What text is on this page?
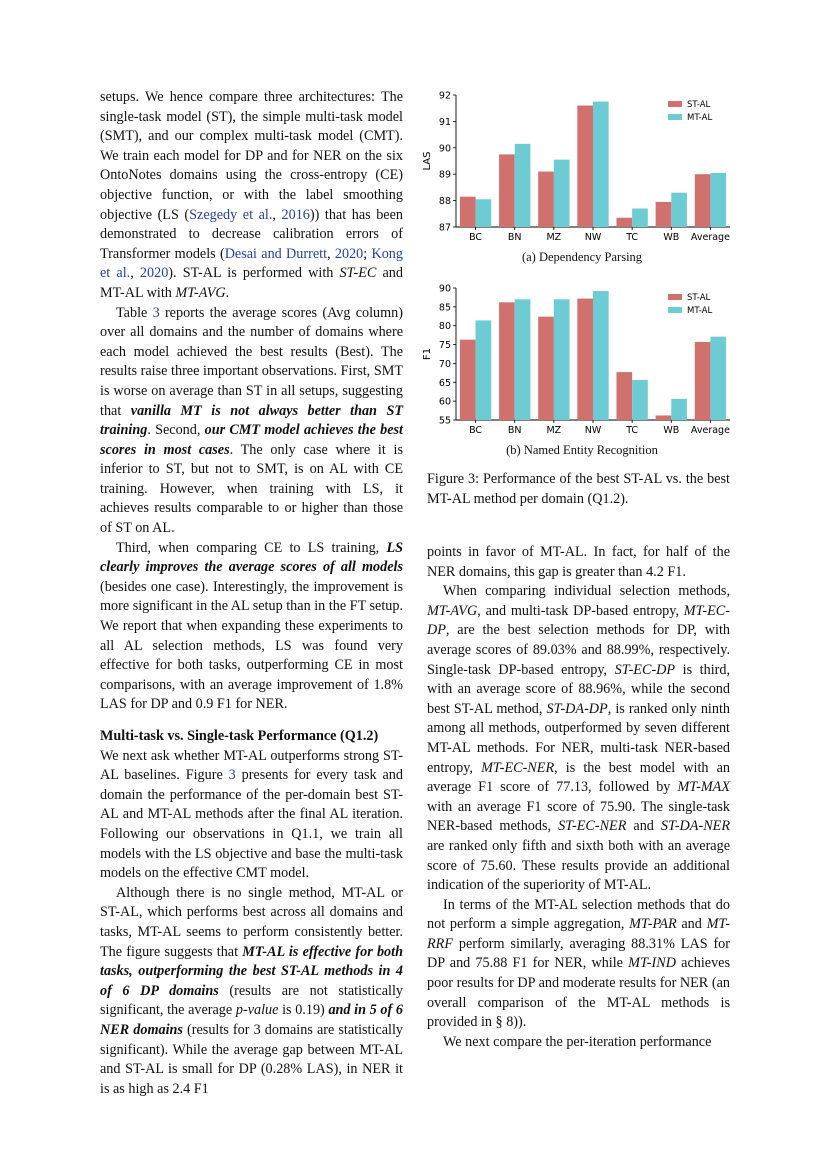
setups. We hence compare three architectures: The single-task model (ST), the simple multi-task model (SMT), and our complex multi-task model (CMT). We train each model for DP and for NER on the six OntoNotes domains using the cross-entropy (CE) objective function, or with the label smoothing objective (LS (Szegedy et al., 2016)) that has been demonstrated to decrease calibration errors of Transformer models (Desai and Durrett, 2020; Kong et al., 2020). ST-AL is performed with ST-EC and MT-AL with MT-AVG.

Table 3 reports the average scores (Avg column) over all domains and the number of domains where each model achieved the best results (Best). The results raise three important observations. First, SMT is worse on average than ST in all setups, suggesting that vanilla MT is not always better than ST training. Second, our CMT model achieves the best scores in most cases. The only case where it is inferior to ST, but not to SMT, is on AL with CE training. However, when training with LS, it achieves results comparable to or higher than those of ST on AL.

Third, when comparing CE to LS training, LS clearly improves the average scores of all models (besides one case). Interestingly, the improvement is more significant in the AL setup than in the FT setup. We report that when expanding these experiments to all AL selection methods, LS was found very effective for both tasks, outperforming CE in most comparisons, with an average improvement of 1.8% LAS for DP and 0.9 F1 for NER.

Multi-task vs. Single-task Performance (Q1.2)

We next ask whether MT-AL outperforms strong ST-AL baselines. Figure 3 presents for every task and domain the performance of the per-domain best ST-AL and MT-AL methods after the final AL iteration. Following our observations in Q1.1, we train all models with the LS objective and base the multi-task models on the effective CMT model.

Although there is no single method, MT-AL or ST-AL, which performs best across all domains and tasks, MT-AL seems to perform consistently better. The figure suggests that MT-AL is effective for both tasks, outperforming the best ST-AL methods in 4 of 6 DP domains (results are not statistically significant, the average p-value is 0.19) and in 5 of 6 NER domains (results for 3 domains are statistically significant). While the average gap between MT-AL and ST-AL is small for DP (0.28% LAS), in NER it is as high as 2.4 F1

87
88
89
90
91
92
LAS
BC	BN	MZ NW	TC	WB Average
ST-AL
MT-AL
(a) Dependency Parsing
55
60
65
70
75
80
85
90
F1
BC	BN	MZ NW	TC	WB Average
ST-AL
MT-AL
(b) Named Entity Recognition
Figure 3: Performance of the best ST-AL vs. the best MT-AL method per domain (Q1.2).

points in favor of MT-AL. In fact, for half of the NER domains, this gap is greater than 4.2 F1.

When comparing individual selection methods, MT-AVG, and multi-task DP-based entropy, MT-EC-DP, are the best selection methods for DP, with average scores of 89.03% and 88.99%, respectively. Single-task DP-based entropy, ST-EC-DP is third, with an average score of 88.96%, while the second best ST-AL method, ST-DA-DP, is ranked only ninth among all methods, outperformed by seven different MT-AL methods. For NER, multi-task NER-based entropy, MT-EC-NER, is the best model with an average F1 score of 77.13, followed by MT-MAX with an average F1 score of 75.90. The single-task NER-based methods, ST-EC-NER and ST-DA-NER are ranked only fifth and sixth both with an average score of 75.60. These results provide an additional indication of the superiority of MT-AL.

In terms of the MT-AL selection methods that do not perform a simple aggregation, MT-PAR and MT-RRF perform similarly, averaging 88.31% LAS for DP and 75.88 F1 for NER, while MT-IND achieves poor results for DP and moderate results for NER (an overall comparison of the MT-AL methods is provided in § 8)).

We next compare the per-iteration performance
